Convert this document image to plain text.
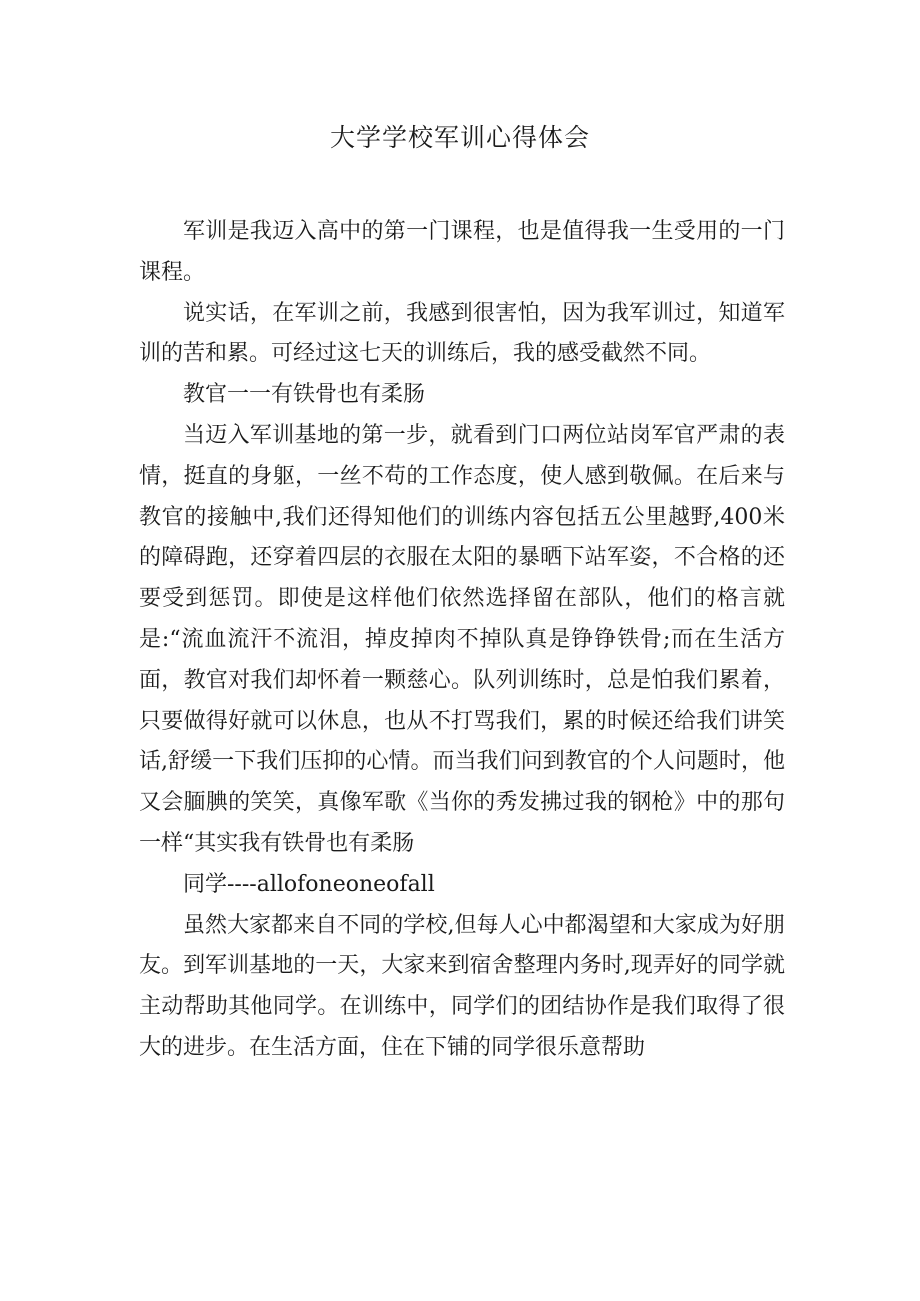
大学学校军训心得体会

军训是我迈入高中的第一门课程，也是值得我一生受用的一门课程。

说实话，在军训之前，我感到很害怕，因为我军训过，知道军训的苦和累。可经过这七天的训练后，我的感受截然不同。

教官一一有铁骨也有柔肠

当迈入军训基地的第一步，就看到门口两位站岗军官严肃的表情，挺直的身躯，一丝不苟的工作态度，使人感到敬佩。在后来与教官的接触中,我们还得知他们的训练内容包括五公里越野,400米的障碍跑，还穿着四层的衣服在太阳的暴晒下站军姿，不合格的还要受到惩罚。即使是这样他们依然选择留在部队，他们的格言就是:“流血流汗不流泪，掉皮掉肉不掉队真是铮铮铁骨;而在生活方面，教官对我们却怀着一颗慈心。队列训练时，总是怕我们累着，只要做得好就可以休息，也从不打骂我们，累的时候还给我们讲笑话,舒缓一下我们压抑的心情。而当我们问到教官的个人问题时，他又会腼腆的笑笑，真像军歌《当你的秀发拂过我的钢枪》中的那句一样“其实我有铁骨也有柔肠

同学----allofoneoneofall

虽然大家都来自不同的学校,但每人心中都渴望和大家成为好朋友。到军训基地的一天，大家来到宿舍整理内务时,现弄好的同学就主动帮助其他同学。在训练中，同学们的团结协作是我们取得了很大的进步。在生活方面，住在下铺的同学很乐意帮助
